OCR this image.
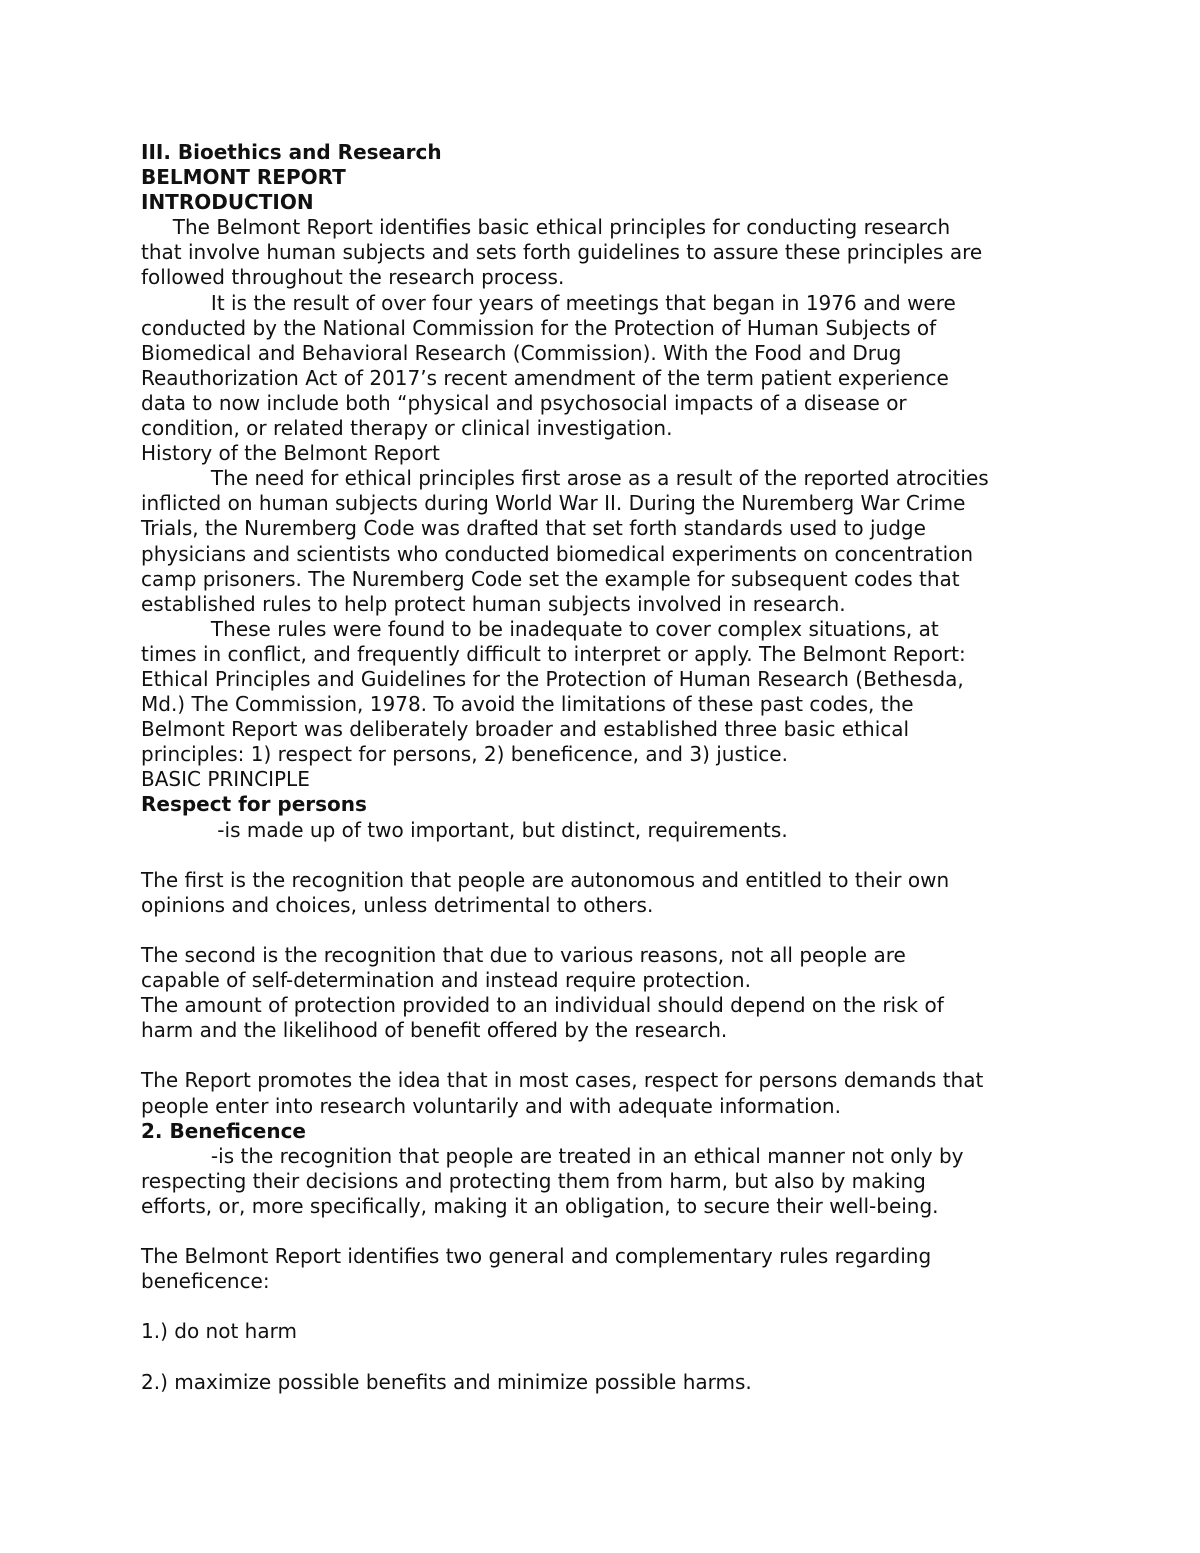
III. Bioethics and Research
BELMONT REPORT
INTRODUCTION
The Belmont Report identifies basic ethical principles for conducting research
that involve human subjects and sets forth guidelines to assure these principles are
followed throughout the research process.
It is the result of over four years of meetings that began in 1976 and were
conducted by the National Commission for the Protection of Human Subjects of
Biomedical and Behavioral Research (Commission). With the Food and Drug
Reauthorization Act of 2017’s recent amendment of the term patient experience
data to now include both “physical and psychosocial impacts of a disease or
condition, or related therapy or clinical investigation.
History of the Belmont Report
The need for ethical principles first arose as a result of the reported atrocities
inflicted on human subjects during World War II. During the Nuremberg War Crime
Trials, the Nuremberg Code was drafted that set forth standards used to judge
physicians and scientists who conducted biomedical experiments on concentration
camp prisoners. The Nuremberg Code set the example for subsequent codes that
established rules to help protect human subjects involved in research.
These rules were found to be inadequate to cover complex situations, at
times in conflict, and frequently difficult to interpret or apply. The Belmont Report:
Ethical Principles and Guidelines for the Protection of Human Research (Bethesda,
Md.) The Commission, 1978. To avoid the limitations of these past codes, the
Belmont Report was deliberately broader and established three basic ethical
principles: 1) respect for persons, 2) beneficence, and 3) justice.
BASIC PRINCIPLE
Respect for persons
-is made up of two important, but distinct, requirements.
The first is the recognition that people are autonomous and entitled to their own
opinions and choices, unless detrimental to others.
The second is the recognition that due to various reasons, not all people are
capable of self-determination and instead require protection.
The amount of protection provided to an individual should depend on the risk of
harm and the likelihood of benefit offered by the research.
The Report promotes the idea that in most cases, respect for persons demands that
people enter into research voluntarily and with adequate information.
2. Beneficence
-is the recognition that people are treated in an ethical manner not only by
respecting their decisions and protecting them from harm, but also by making
efforts, or, more specifically, making it an obligation, to secure their well-being.
The Belmont Report identifies two general and complementary rules regarding
beneficence:
1.) do not harm
2.) maximize possible benefits and minimize possible harms.
